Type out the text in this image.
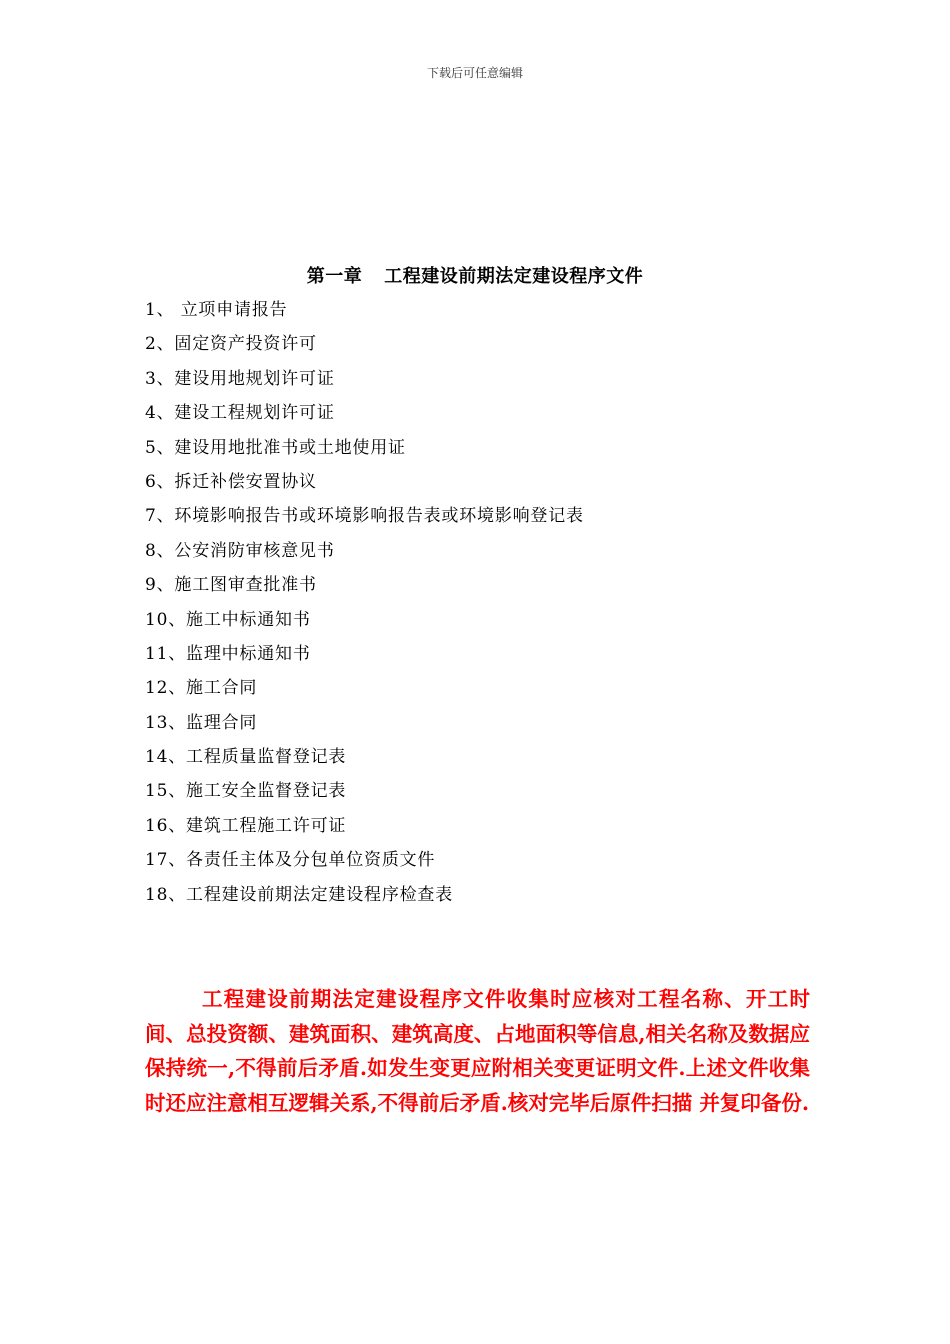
下载后可任意编辑
第一章 工程建设前期法定建设程序文件
1、 立项申请报告
2、固定资产投资许可
3、建设用地规划许可证
4、建设工程规划许可证
5、建设用地批准书或土地使用证
6、拆迁补偿安置协议
7、环境影响报告书或环境影响报告表或环境影响登记表
8、公安消防审核意见书
9、施工图审查批准书
10、施工中标通知书
11、监理中标通知书
12、施工合同
13、监理合同
14、工程质量监督登记表
15、施工安全监督登记表
16、建筑工程施工许可证
17、各责任主体及分包单位资质文件
18、工程建设前期法定建设程序检查表

工程建设前期法定建设程序文件收集时应核对工程名称、开工时间、总投资额、建筑面积、建筑高度、占地面积等信息,相关名称及数据应保持统一,不得前后矛盾.如发生变更应附相关变更证明文件.上述文件收集时还应注意相互逻辑关系,不得前后矛盾.核对完毕后原件扫描 并复印备份.
